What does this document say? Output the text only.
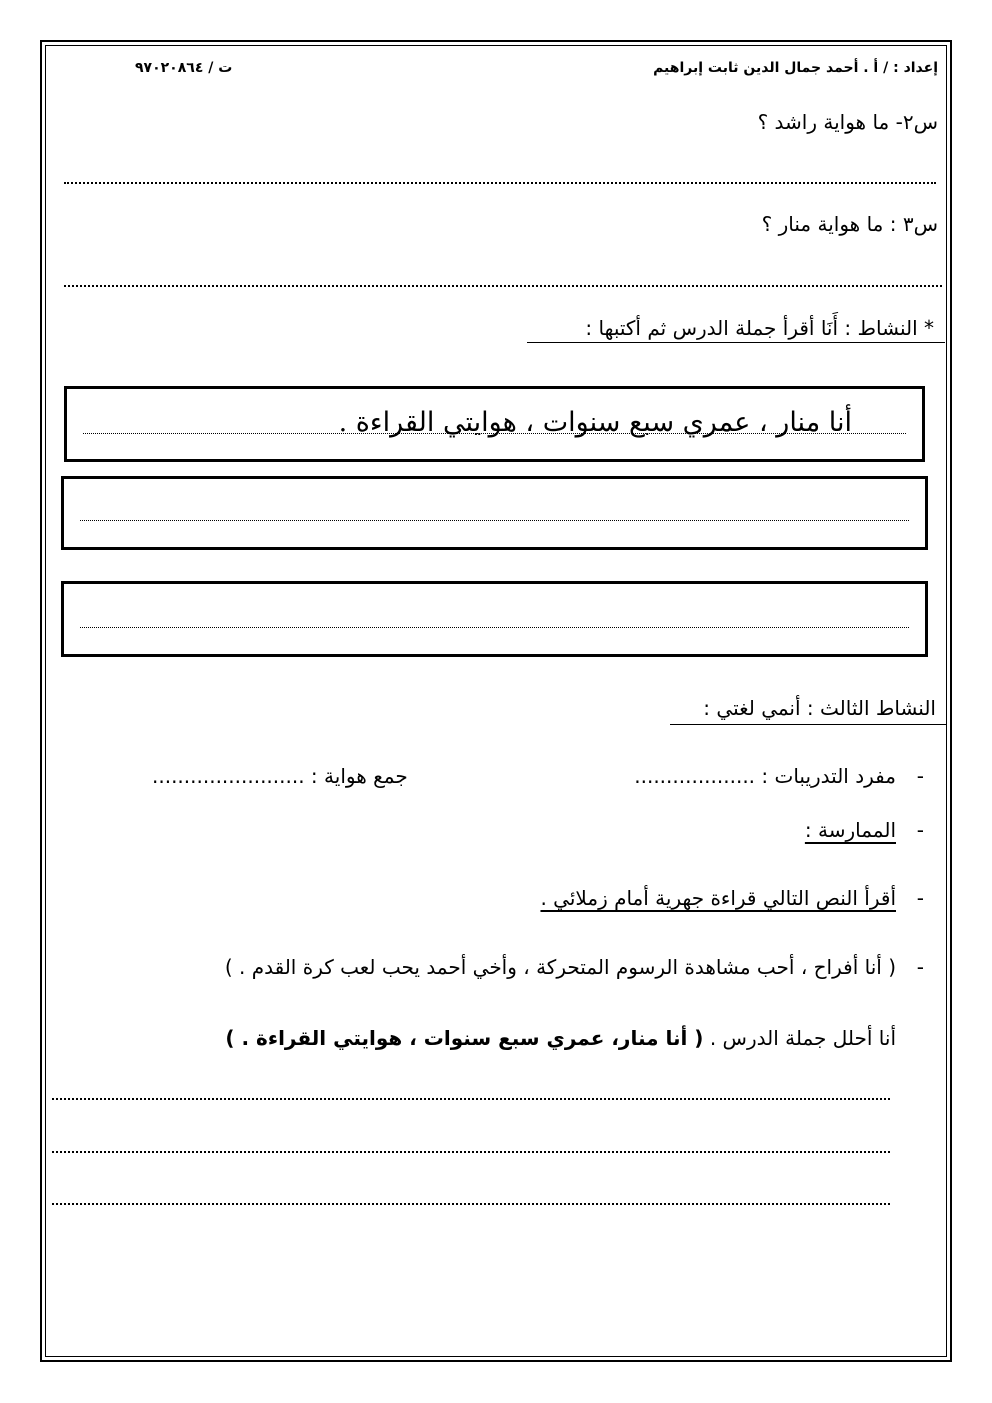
إعداد : / أ . أحمد جمال الدين ثابت إبراهيم
ت / ٩٧٠٢٠٨٦٤
س٢- ما هواية راشد ؟
س٣ : ما هواية منار ؟
* النشاط : أَنَا أقرأ جملة الدرس ثم أكتبها :
أنا منار ، عمري سبع سنوات ، هوايتي القراءة .
النشاط الثالث : أنمي لغتي :
-
مفرد التدريبات : ...................
جمع هواية : ........................
-
الممارسة :
-
أقرأ النص التالي قراءة جهرية أمام زملائي .
-
( أنا أفراح ، أحب مشاهدة الرسوم المتحركة ، وأخي أحمد يحب لعب كرة القدم . )
أنا أحلل جملة الدرس . ( أنا منار، عمري سبع سنوات ، هوايتي القراءة . )
